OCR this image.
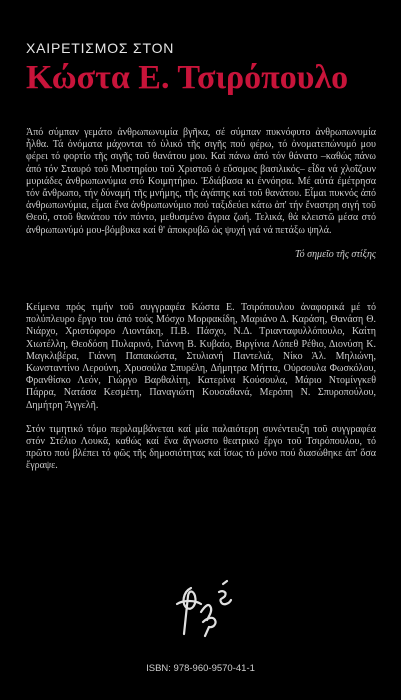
ΧΑΙΡΕΤΙΣΜΟΣ ΣΤΟΝ

Κώστα Ε. Τσιρόπουλο

Ἀπό σύμπαν γεμάτο ἀνθρωπωνυμία βγῆκα, σέ σύμπαν πυκνόφυτο ἀνθρωπωνυμία ἦλθα. Τά ὀνόματα μάχονται τό ὑλικό τῆς σιγῆς πού φέρω, τό ὀνοματεπώνυμό μου φέρει τό φορτίο τῆς σιγῆς τοῦ θανάτου μου. Καί πάνω ἀπό τόν θάνατο –καθώς πάνω ἀπό τόν Σταυρό τοῦ Μυστηρίου τοῦ Χριστοῦ ὁ εὔσομος βασιλικός– εἶδα νά χλοΐζουν μυριάδες ἀνθρωπωνύμια στό Κοιμητήριο. Ἐδιάβασα κι ἐννόησα. Μέ αὐτά ἐμέτρησα τόν ἄνθρωπο, τήν δύναμή τῆς μνήμης, τῆς ἀγάπης καί τοῦ θανάτου. Εἶμαι πυκνός ἀπό ἀνθρωπωνύμια, εἶμαι ἕνα ἀνθρωπωνύμιο πού ταξιδεύει κάτω ἀπ' τήν ἔναστρη σιγή τοῦ Θεοῦ, στοῦ θανάτου τόν πόντο, μεθυσμένο ἄγρια ζωή. Τελικά, θά κλειστῶ μέσα στό ἀνθρωπωνύμό μου-βόμβυκα καί θ' ἀποκρυβῶ ὡς ψυχή γιά νά πετάξω ψηλά.

Τό σημεῖο τῆς στίξης

Κείμενα πρός τιμήν τοῦ συγγραφέα Κώστα Ε. Τσιρόπουλου ἀναφορικά μέ τό πολύπλευρο ἔργο του ἀπό τούς Μόσχο Μορφακίδη, Μαριάνο Δ. Καράση, Θανάση Θ. Νιάρχο, Χριστόφορο Λιοντάκη, Π.Β. Πάσχο, Ν.Δ. Τριανταφυλλόπουλο, Καίτη Χιωτέλλη, Θεοδόση Πυλαρινό, Γιάννη Β. Κυβαίο, Βιργίνια Λόπεθ Ρέθιο, Διονύση Κ. Μαγκλιβέρα, Γιάννη Παπακώστα, Στυλιανή Παντελιά, Νίκο Άλ. Μηλιώνη, Κωνσταντίνο Λερούνη, Χρυσούλα Σπυρέλη, Δήμητρα Μήττα, Ούρσουλα Φωσκόλου, Φρανθίσκο Λεόν, Γιώργο Βαρθαλίτη, Κατερίνα Κούσουλα, Μάριο Ντομίνγκεθ Πάρρα, Νατάσα Κεσμέτη, Παναγιώτη Κουσαθανά, Μερόπη Ν. Σπυροπούλου, Δημήτρη Ἄγγελῆ.

Στόν τιμητικό τόμο περιλαμβάνεται καί μία παλαιότερη συνέντευξη τοῦ συγγραφέα στόν Στέλιο Λουκᾶ, καθώς καί ἕνα ἄγνωστο θεατρικό ἔργο τοῦ Τσιρόπουλου, τό πρῶτο πού βλέπει τό φῶς τῆς δημοσιότητας καί ἴσως τό μόνο πού διασώθηκε ἀπ' ὅσα ἔγραψε.

ISBN: 978-960-9570-41-1
